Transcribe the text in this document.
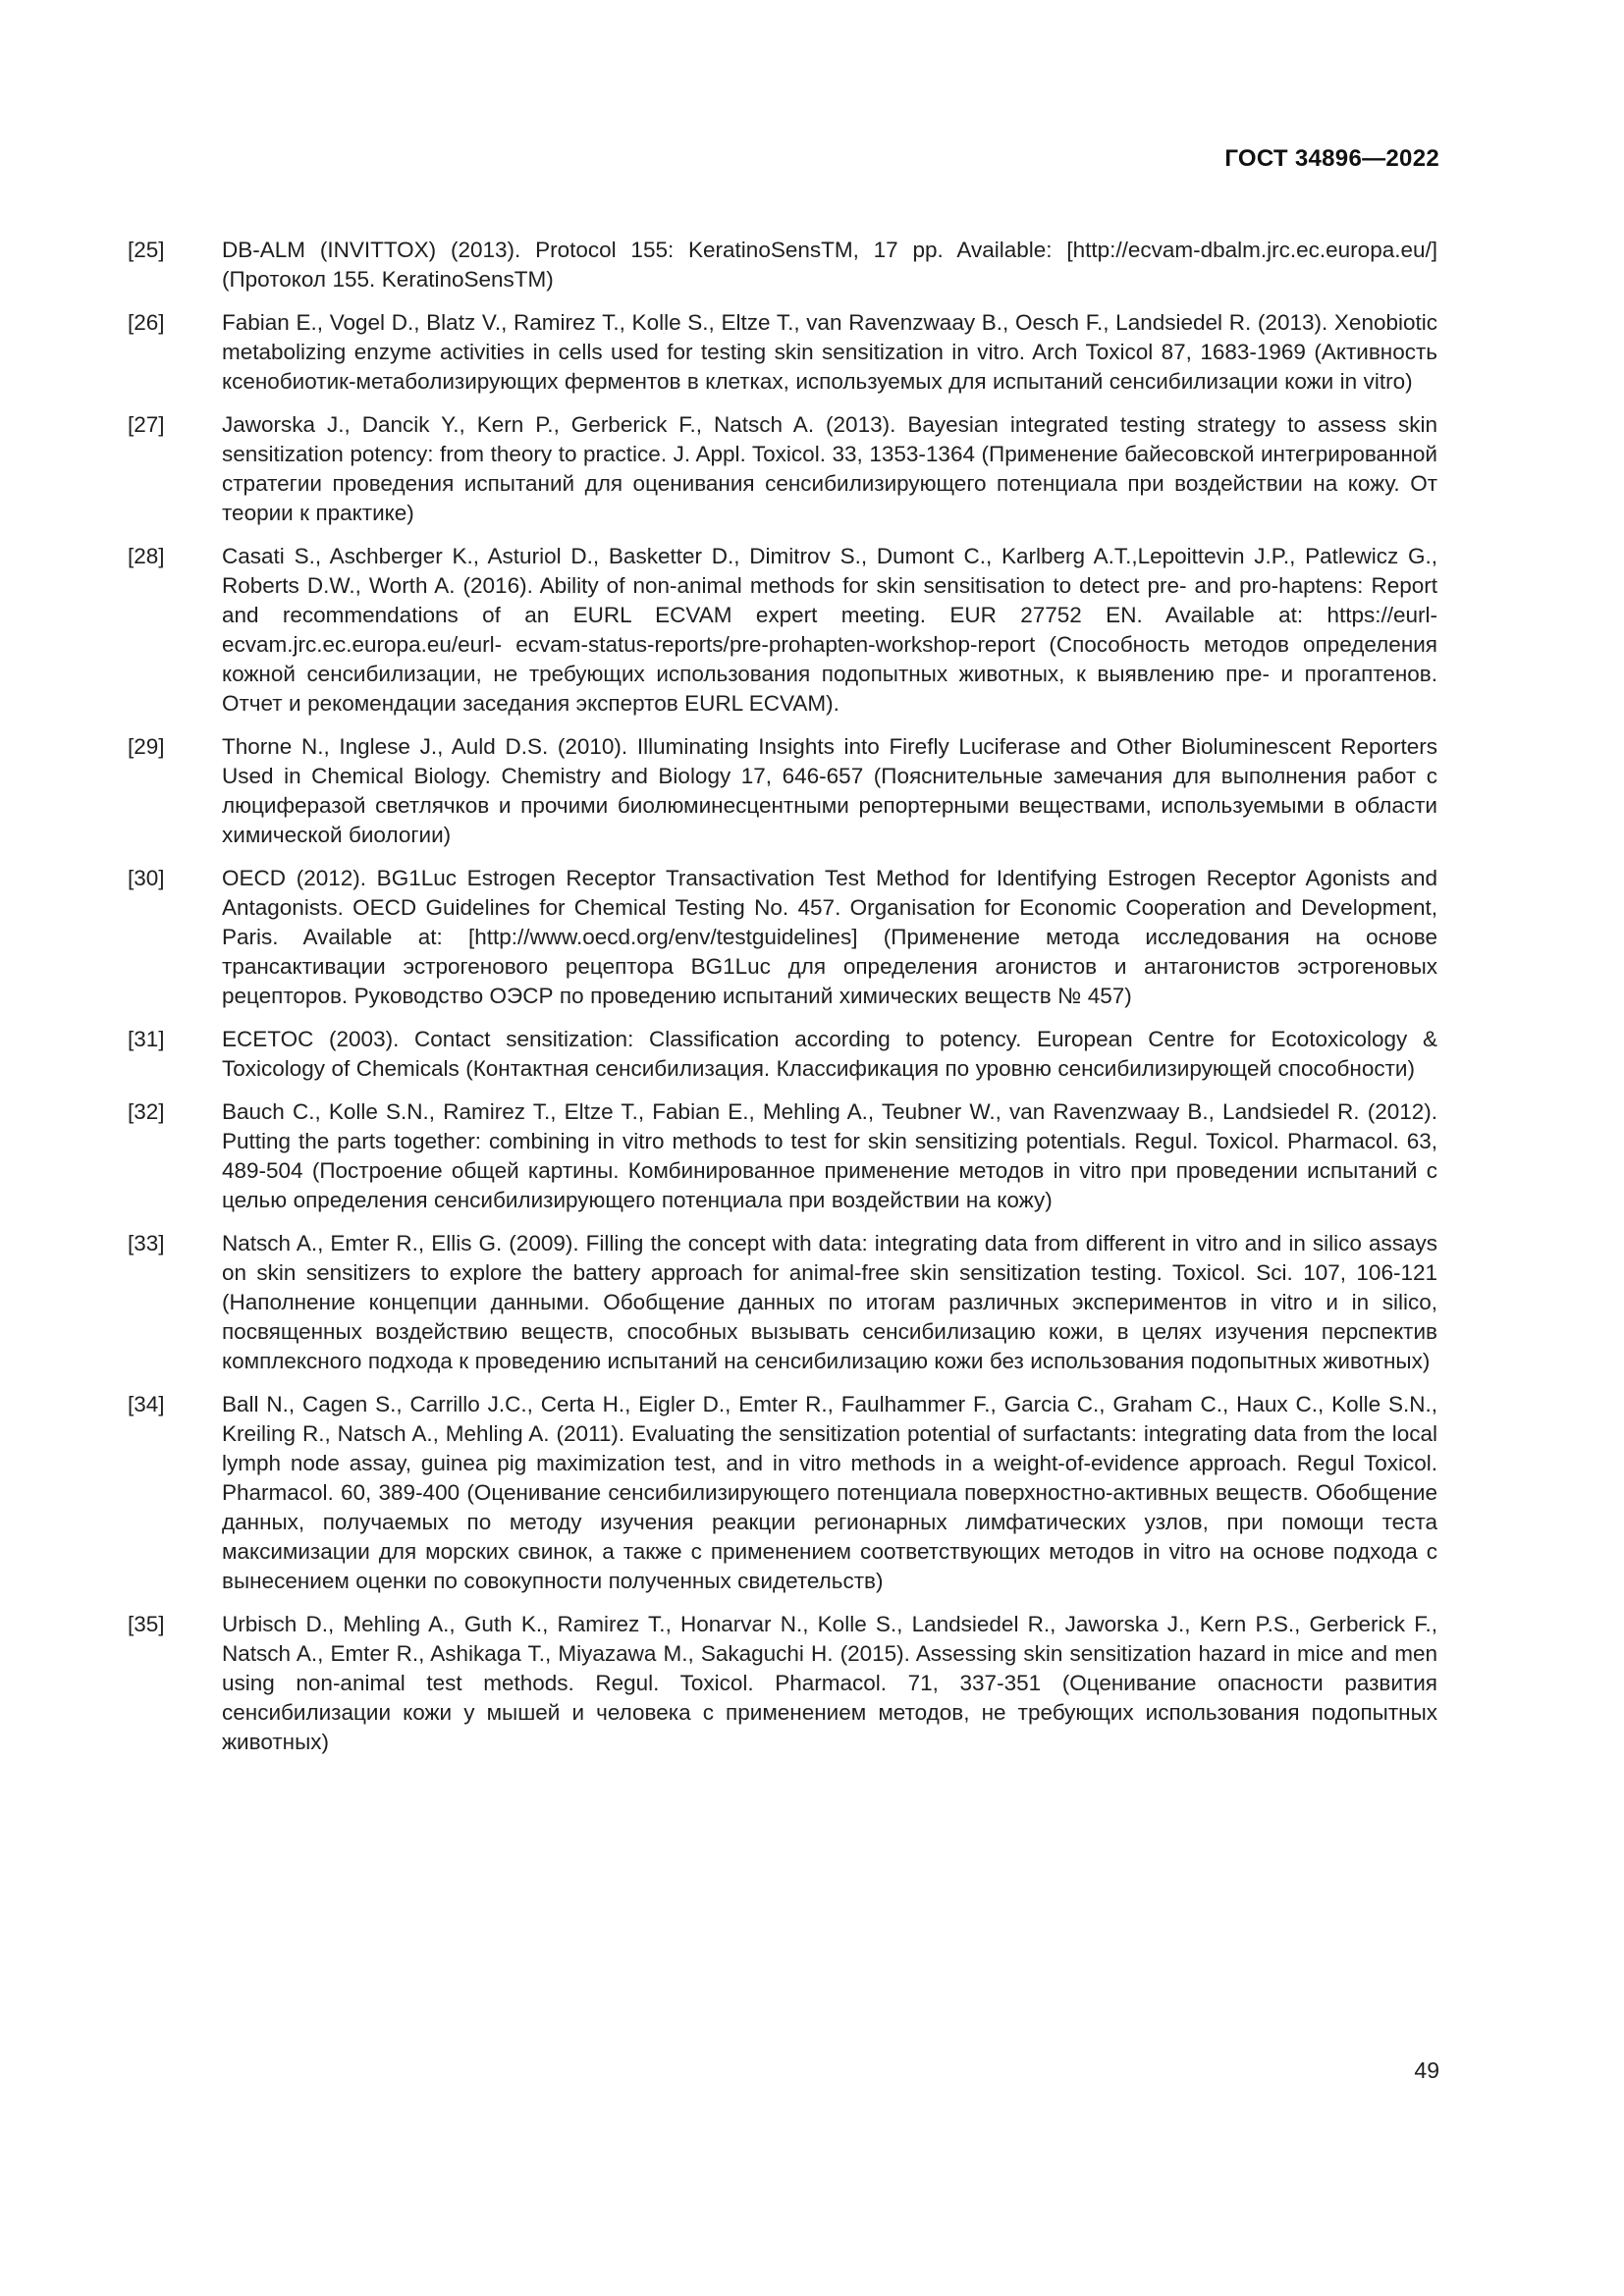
ГОСТ 34896—2022
[25]	DB-ALM (INVITTOX) (2013). Protocol 155: KeratinoSensTM, 17 pp. Available: [http://ecvam-dbalm.jrc.ec.europa.eu/] (Протокол 155. KeratinoSensTM)
[26]	Fabian E., Vogel D., Blatz V., Ramirez T., Kolle S., Eltze T., van Ravenzwaay B., Oesch F., Landsiedel R. (2013). Xenobiotic metabolizing enzyme activities in cells used for testing skin sensitization in vitro. Arch Toxicol 87, 1683-1969 (Активность ксенобиотик-метаболизирующих ферментов в клетках, используемых для испытаний сенсибилизации кожи in vitro)
[27]	Jaworska J., Dancik Y., Kern P., Gerberick F., Natsch A. (2013). Bayesian integrated testing strategy to assess skin sensitization potency: from theory to practice. J. Appl. Toxicol. 33, 1353-1364 (Применение байесовской интегрированной стратегии проведения испытаний для оценивания сенсибилизирующего потенциала при воздействии на кожу. От теории к практике)
[28]	Casati S., Aschberger K., Asturiol D., Basketter D., Dimitrov S., Dumont C., Karlberg A.T.,Lepoittevin J.P., Patlewicz G., Roberts D.W., Worth A. (2016). Ability of non-animal methods for skin sensitisation to detect pre- and pro-haptens: Report and recommendations of an EURL ECVAM expert meeting. EUR 27752 EN. Available at: https://eurl-ecvam.jrc.ec.europa.eu/eurl- ecvam-status-reports/pre-prohapten-workshop-report (Способность методов определения кожной сенсибилизации, не требующих использования подопытных животных, к выявлению пре- и прогаптенов. Отчет и рекомендации заседания экспертов EURL ECVAM).
[29]	Thorne N., Inglese J., Auld D.S. (2010). Illuminating Insights into Firefly Luciferase and Other Bioluminescent Reporters Used in Chemical Biology. Chemistry and Biology 17, 646-657 (Пояснительные замечания для выполнения работ с люциферазой светлячков и прочими биолюминесцентными репортерными веществами, используемыми в области химической биологии)
[30]	OECD (2012). BG1Luc Estrogen Receptor Transactivation Test Method for Identifying Estrogen Receptor Agonists and Antagonists. OECD Guidelines for Chemical Testing No. 457. Organisation for Economic Cooperation and Development, Paris. Available at: [http://www.oecd.org/env/testguidelines] (Применение метода исследования на основе трансактивации эстрогенового рецептора BG1Luc для определения агонистов и антагонистов эстрогеновых рецепторов. Руководство ОЭСР по проведению испытаний химических веществ № 457)
[31]	ECETOC (2003). Contact sensitization: Classification according to potency. European Centre for Ecotoxicology & Toxicology of Chemicals (Контактная сенсибилизация. Классификация по уровню сенсибилизирующей способности)
[32]	Bauch C., Kolle S.N., Ramirez T., Eltze T., Fabian E., Mehling A., Teubner W., van Ravenzwaay B., Landsiedel R. (2012). Putting the parts together: combining in vitro methods to test for skin sensitizing potentials. Regul. Toxicol. Pharmacol. 63, 489-504 (Построение общей картины. Комбинированное применение методов in vitro при проведении испытаний с целью определения сенсибилизирующего потенциала при воздействии на кожу)
[33]	Natsch A., Emter R., Ellis G. (2009). Filling the concept with data: integrating data from different in vitro and in silico assays on skin sensitizers to explore the battery approach for animal-free skin sensitization testing. Toxicol. Sci. 107, 106-121 (Наполнение концепции данными. Обобщение данных по итогам различных экспериментов in vitro и in silico, посвященных воздействию веществ, способных вызывать сенсибилизацию кожи, в целях изучения перспектив комплексного подхода к проведению испытаний на сенсибилизацию кожи без использования подопытных животных)
[34]	Ball N., Cagen S., Carrillo J.C., Certa H., Eigler D., Emter R., Faulhammer F., Garcia C., Graham C., Haux C., Kolle S.N., Kreiling R., Natsch A., Mehling A. (2011). Evaluating the sensitization potential of surfactants: integrating data from the local lymph node assay, guinea pig maximization test, and in vitro methods in a weight-of-evidence approach. Regul Toxicol. Pharmacol. 60, 389-400 (Оценивание сенсибилизирующего потенциала поверхностно-активных веществ. Обобщение данных, получаемых по методу изучения реакции регионарных лимфатических узлов, при помощи теста максимизации для морских свинок, а также с применением соответствующих методов in vitro на основе подхода с вынесением оценки по совокупности полученных свидетельств)
[35]	Urbisch D., Mehling A., Guth K., Ramirez T., Honarvar N., Kolle S., Landsiedel R., Jaworska J., Kern P.S., Gerberick F., Natsch A., Emter R., Ashikaga T., Miyazawa M., Sakaguchi H. (2015). Assessing skin sensitization hazard in mice and men using non-animal test methods. Regul. Toxicol. Pharmacol. 71, 337-351 (Оценивание опасности развития сенсибилизации кожи у мышей и человека с применением методов, не требующих использования подопытных животных)
49
